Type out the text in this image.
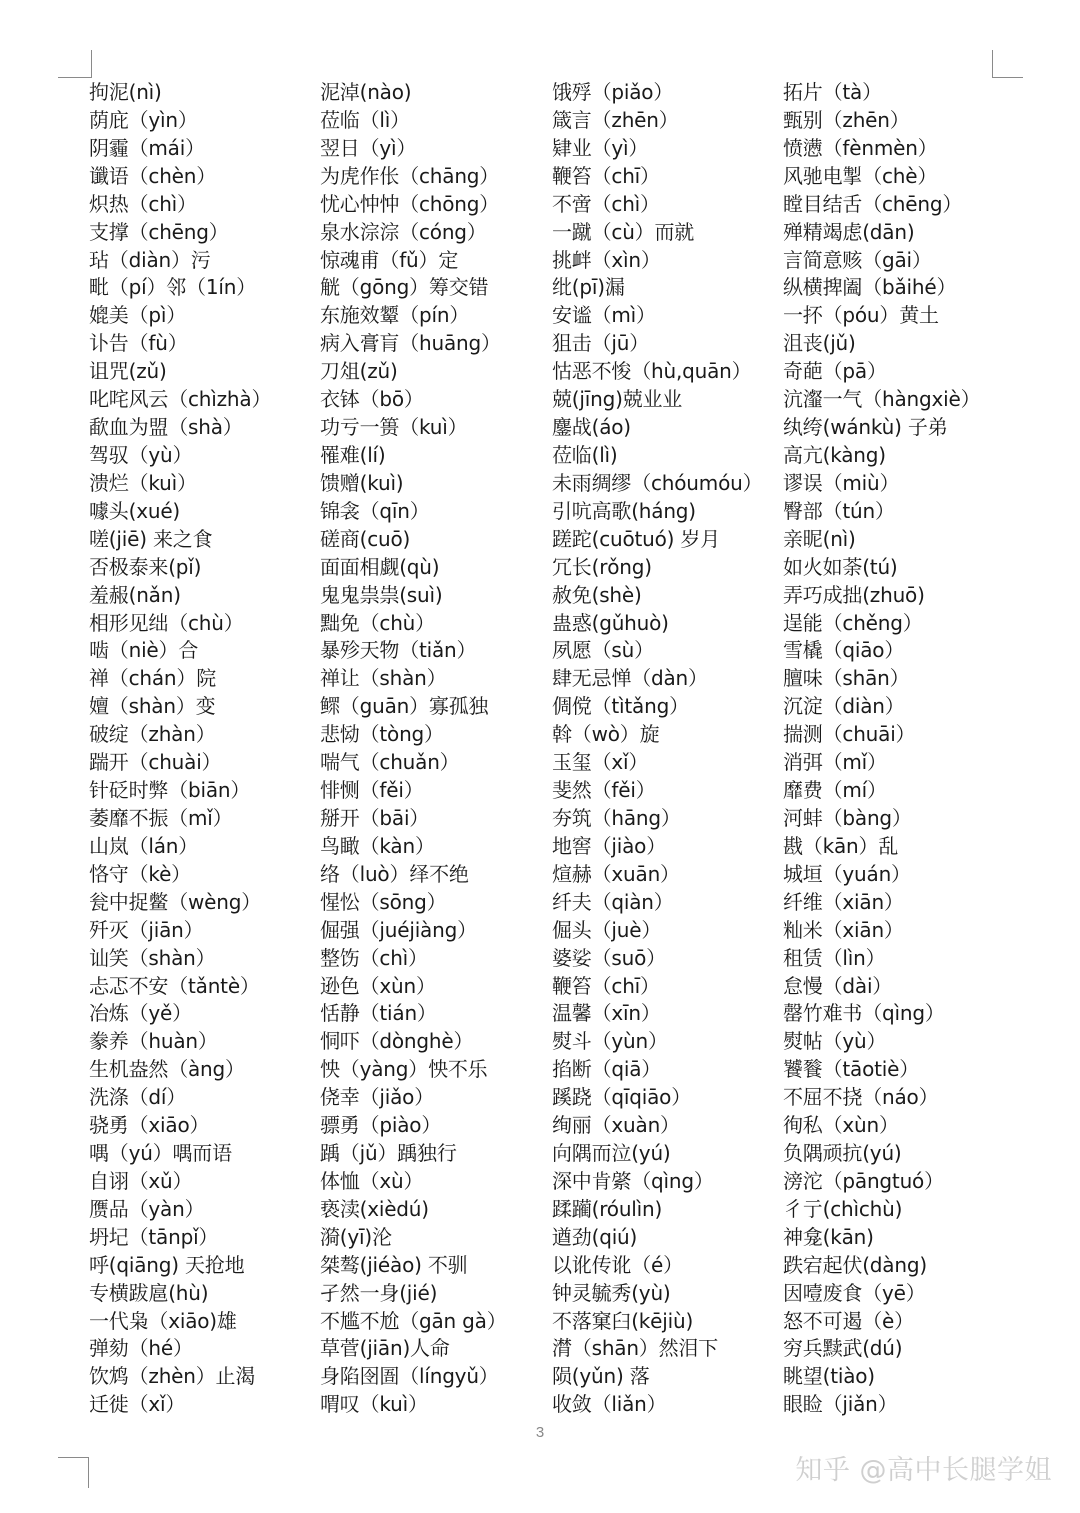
拘泥(nì)
荫庇（yìn）
阴霾（mái）
谶语（chèn）
炽热（chì）
支撑（chēng）
玷（diàn）污
毗（pí）邻（1ín）
媲美（pì）
讣告（fù）
诅咒(zǔ)
叱咤风云（chìzhà）
歃血为盟（shà）
驾驭（yù）
溃烂（kuì）
噱头(xué)
嗟(jiē) 来之食
否极泰来(pǐ)
羞赧(nǎn)
相形见绌（chù）
啮（niè）合
禅（chán）院
嬗（shàn）变
破绽（zhàn）
踹开（chuài）
针砭时弊（biān）
萎靡不振（mǐ）
山岚（lán）
恪守（kè）
瓮中捉鳖（wèng）
歼灭（jiān）
讪笑（shàn）
忐忑不安（tǎntè）
冶炼（yě）
豢养（huàn）
生机盎然（àng）
洗涤（dí）
骁勇（xiāo）
喁（yú）喁而语
自诩（xǔ）
赝品（yàn）
坍圮（tānpǐ）
呼(qiāng) 天抢地
专横跋扈(hù)
一代枭（xiāo)雄
弹劾（hé）
饮鸩（zhèn）止渴
迁徙（xǐ）
泥淖(nào)
莅临（lì）
翌日（yì）
为虎作伥（chāng）
忧心忡忡（chōng）
泉水淙淙（cóng）
惊魂甫（fǔ）定
觥（gōng）筹交错
东施效颦（pín）
病入膏肓（huāng）
刀俎(zǔ)
衣钵（bō）
功亏一篑（kuì）
罹难(lí)
馈赠(kuì)
锦衾（qīn）
磋商(cuō)
面面相觑(qù)
鬼鬼祟祟(suì)
黜免（chù）
暴殄天物（tiǎn）
禅让（shàn）
鳏（guān）寡孤独
悲恸（tòng）
喘气（chuǎn）
悱恻（fěi）
掰开（bāi）
鸟瞰（kàn）
络（luò）绎不绝
惺忪（sōng）
倔强（juéjiàng）
整饬（chì）
逊色（xùn）
恬静（tián）
恫吓（dònghè）
怏（yàng）怏不乐
侥幸（jiǎo）
骠勇（piào）
踽（jǔ）踽独行
体恤（xù）
亵渎(xièdú)
漪(yī)沦
桀骜(jiéào) 不驯
孑然一身(jié)
不尴不尬（gān gà）
草菅(jiān)人命
身陷囹圄（língyǔ）
喟叹（kuì）
饿殍（piǎo）
箴言（zhēn）
肄业（yì）
鞭笞（chī）
不啻（chì）
一蹴（cù）而就
挑衅（xìn）
纰(pī)漏
安谧（mì）
狙击（jū）
怙恶不悛（hù,quān）
兢(jīng)兢业业
鏖战(áo)
莅临(lì)
未雨绸缪（chóumóu）
引吭高歌(háng)
蹉跎(cuōtuó) 岁月
冗长(rǒng)
赦免(shè)
蛊惑(gǔhuò)
夙愿（sù）
肆无忌惮（dàn）
倜傥（tìtǎng）
斡（wò）旋
玉玺（xǐ）
斐然（fěi）
夯筑（hāng）
地窖（jiào）
煊赫（xuān）
纤夫（qiàn）
倔头（juè）
婆娑（suō）
鞭笞（chī）
温馨（xīn）
熨斗（yùn）
掐断（qiā）
蹊跷（qīqiāo）
绚丽（xuàn）
向隅而泣(yú)
深中肯綮（qìng）
蹂躏(róulìn)
遒劲(qiú)
以讹传讹（é）
钟灵毓秀(yù)
不落窠臼(kējiù)
潸（shān）然泪下
陨(yǔn) 落
收敛（liǎn）
拓片（tà）
甄别（zhēn）
愤懑（fènmèn）
风驰电掣（chè）
瞠目结舌（chēng）
殚精竭虑(dān)
言简意赅（gāi）
纵横捭阖（bǎihé）
一抔（póu）黄土
沮丧(jǔ)
奇葩（pā）
沆瀣一气（hàngxiè）
纨绔(wánkù) 子弟
高亢(kàng)
谬误（miù）
臀部（tún）
亲昵(nì)
如火如荼(tú)
弄巧成拙(zhuō)
逞能（chěng）
雪橇（qiāo）
膻味（shān）
沉淀（diàn）
揣测（chuāi）
消弭（mǐ）
靡费（mí）
河蚌（bàng）
戡（kān）乱
城垣（yuán）
纤维（xiān）
籼米（xiān）
租赁（lìn）
怠慢（dài）
罄竹难书（qìng）
熨帖（yù）
饕餮（tāotiè）
不屈不挠（náo）
徇私（xùn）
负隅顽抗(yú)
滂沱（pāngtuó）
彳亍(chìchù)
神龛(kān)
跌宕起伏(dàng)
因噎废食（yē）
怒不可遏（è）
穷兵黩武(dú)
眺望(tiào)
眼睑（jiǎn）
3
知乎 @高中长腿学姐
